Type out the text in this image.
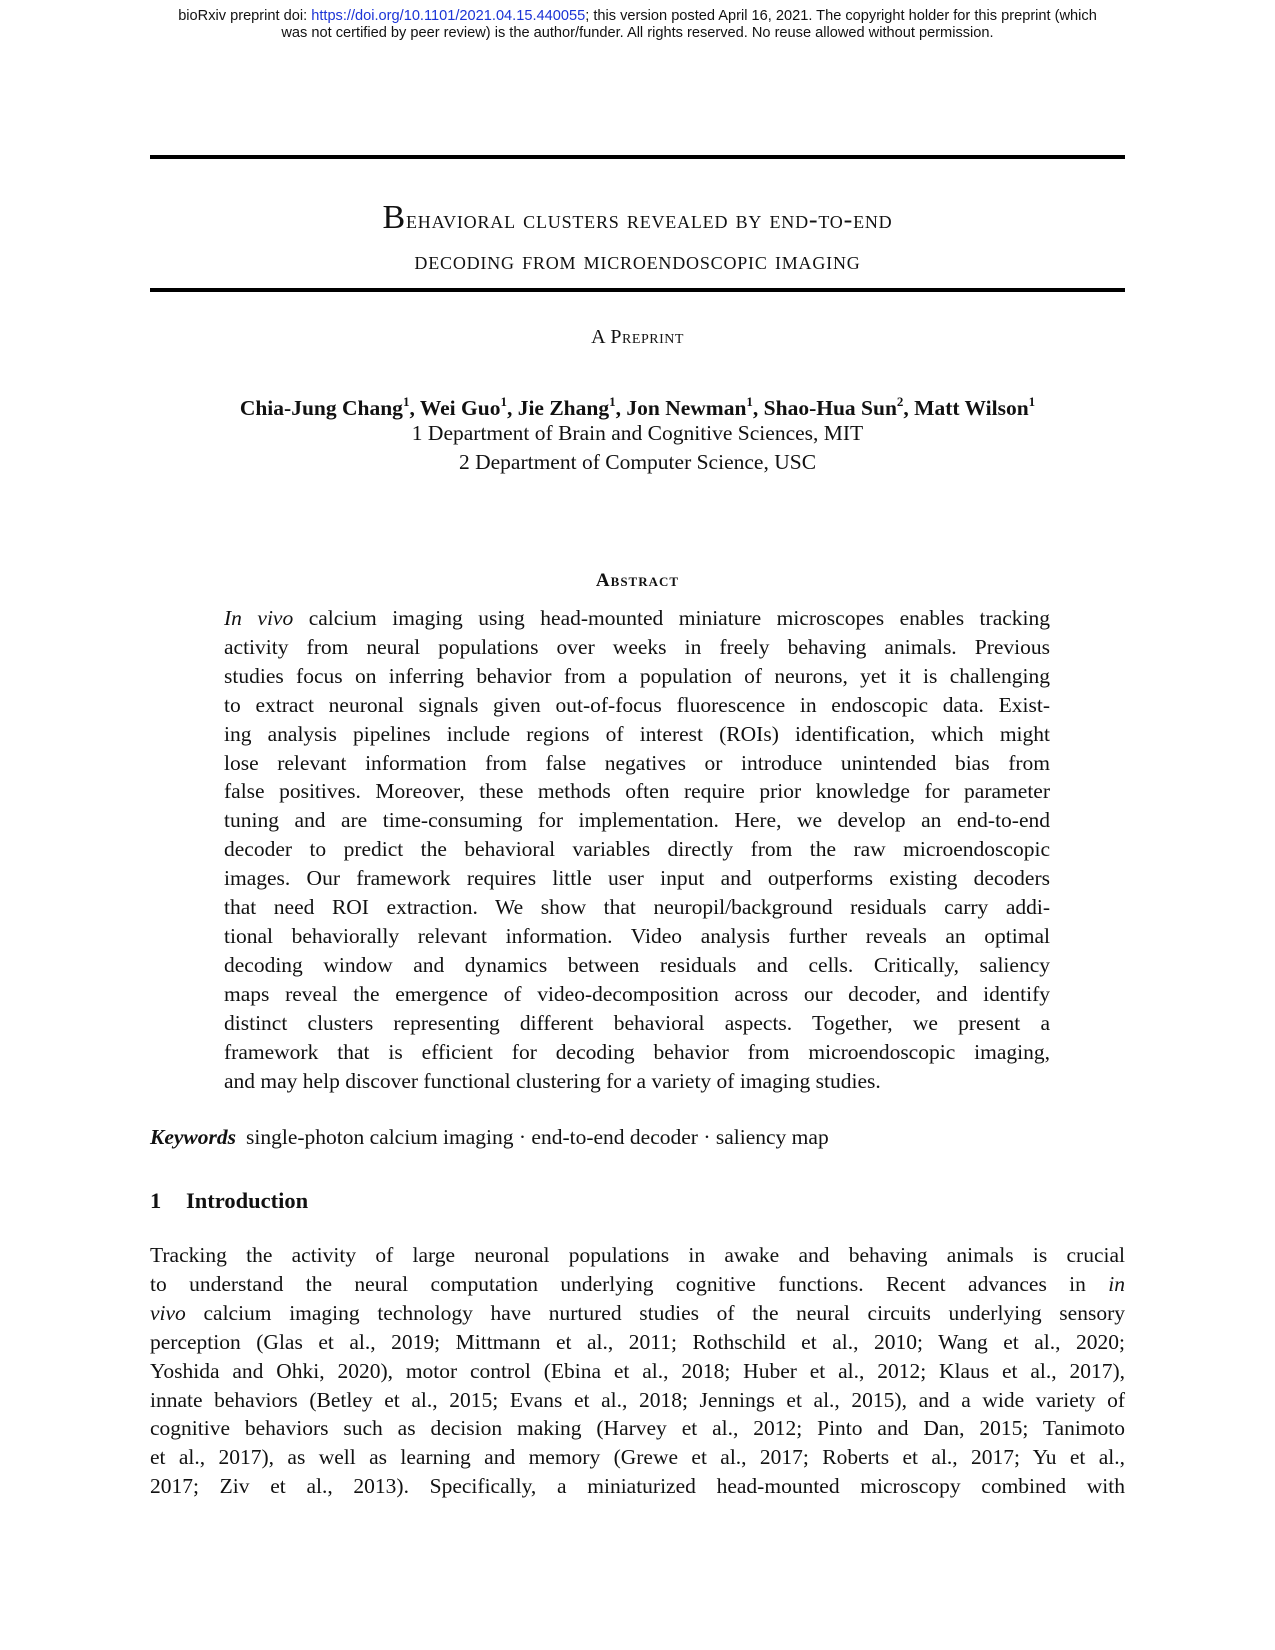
bioRxiv preprint doi: https://doi.org/10.1101/2021.04.15.440055; this version posted April 16, 2021. The copyright holder for this preprint (which
was not certified by peer review) is the author/funder. All rights reserved. No reuse allowed without permission.
Behavioral clusters revealed by end-to-end
decoding from microendoscopic imaging
A Preprint
Chia-Jung Chang$^1$, Wei Guo$^1$, Jie Zhang$^1$, Jon Newman$^1$, Shao-Hua Sun$^2$, Matt Wilson$^1$
1 Department of Brain and Cognitive Sciences, MIT
2 Department of Computer Science, USC
Abstract
In vivo calcium imaging using head-mounted miniature microscopes enables tracking
activity from neural populations over weeks in freely behaving animals. Previous
studies focus on inferring behavior from a population of neurons, yet it is challenging
to extract neuronal signals given out-of-focus fluorescence in endoscopic data. Exist-
ing analysis pipelines include regions of interest (ROIs) identification, which might
lose relevant information from false negatives or introduce unintended bias from
false positives. Moreover, these methods often require prior knowledge for parameter
tuning and are time-consuming for implementation. Here, we develop an end-to-end
decoder to predict the behavioral variables directly from the raw microendoscopic
images. Our framework requires little user input and outperforms existing decoders
that need ROI extraction. We show that neuropil/background residuals carry addi-
tional behaviorally relevant information. Video analysis further reveals an optimal
decoding window and dynamics between residuals and cells. Critically, saliency
maps reveal the emergence of video-decomposition across our decoder, and identify
distinct clusters representing different behavioral aspects. Together, we present a
framework that is efficient for decoding behavior from microendoscopic imaging,
and may help discover functional clustering for a variety of imaging studies.
Keywords single-photon calcium imaging · end-to-end decoder · saliency map
1 Introduction
Tracking the activity of large neuronal populations in awake and behaving animals is crucial
to understand the neural computation underlying cognitive functions. Recent advances in in
vivo calcium imaging technology have nurtured studies of the neural circuits underlying sensory
perception (Glas et al., 2019; Mittmann et al., 2011; Rothschild et al., 2010; Wang et al., 2020;
Yoshida and Ohki, 2020), motor control (Ebina et al., 2018; Huber et al., 2012; Klaus et al., 2017),
innate behaviors (Betley et al., 2015; Evans et al., 2018; Jennings et al., 2015), and a wide variety of
cognitive behaviors such as decision making (Harvey et al., 2012; Pinto and Dan, 2015; Tanimoto
et al., 2017), as well as learning and memory (Grewe et al., 2017; Roberts et al., 2017; Yu et al.,
2017; Ziv et al., 2013). Specifically, a miniaturized head-mounted microscopy combined with
